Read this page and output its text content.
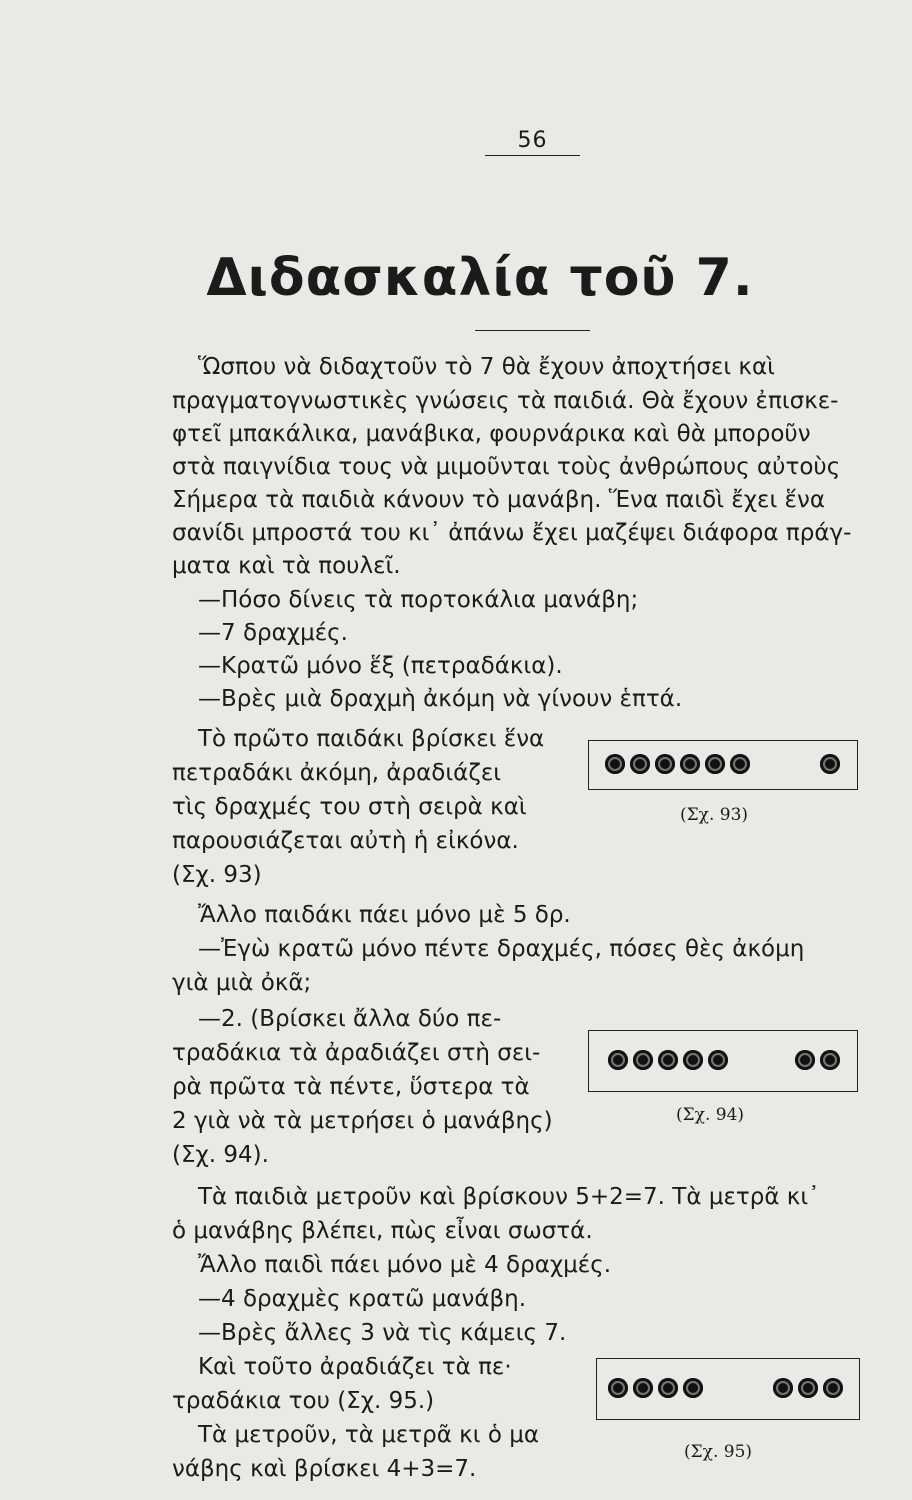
56
Διδασκαλία τοῦ 7.
Ὥσπου νὰ διδαχτοῦν τὸ 7 θὰ ἔχουν ἀποχτήσει καὶ
πραγματογνωστικὲς γνώσεις τὰ παιδιά. Θὰ ἔχουν ἐπισκε-
φτεῖ μπακάλικα, μανάβικα, φουρνάρικα καὶ θὰ μποροῦν
στὰ παιγνίδια τους νὰ μιμοῦνται τοὺς ἀνθρώπους αὐτοὺς
Σήμερα τὰ παιδιὰ κάνουν τὸ μανάβη. Ἕνα παιδὶ ἔχει ἕνα
σανίδι μπροστά του κι᾿ ἀπάνω ἔχει μαζέψει διάφορα πράγ-
ματα καὶ τὰ πουλεῖ.
—Πόσο δίνεις τὰ πορτοκάλια μανάβη;
—7 δραχμές.
—Κρατῶ μόνο ἕξ (πετραδάκια).
—Βρὲς μιὰ δραχμὴ ἀκόμη νὰ γίνουν ἑπτά.
Τὸ πρῶτο παιδάκι βρίσκει ἕνα
πετραδάκι ἀκόμη, ἀραδιάζει
τὶς δραχμές του στὴ σειρὰ καὶ
παρουσιάζεται αὐτὴ ἡ εἰκόνα.
(Σχ. 93)
(Σχ. 93)
Ἄλλο παιδάκι πάει μόνο μὲ 5 δρ.
—Ἐγὼ κρατῶ μόνο πέντε δραχμές, πόσες θὲς ἀκόμη
γιὰ μιὰ ὀκᾶ;
—2. (Βρίσκει ἄλλα δύο πε-
τραδάκια τὰ ἀραδιάζει στὴ σει-
ρὰ πρῶτα τὰ πέντε, ὕστερα τὰ
2 γιὰ νὰ τὰ μετρήσει ὁ μανάβης)
(Σχ. 94).
(Σχ. 94)
Τὰ παιδιὰ μετροῦν καὶ βρίσκουν 5+2=7. Τὰ μετρᾶ κι᾿
ὁ μανάβης βλέπει, πὼς εἶναι σωστά.
Ἄλλο παιδὶ πάει μόνο μὲ 4 δραχμές.
—4 δραχμὲς κρατῶ μανάβη.
—Βρὲς ἄλλες 3 νὰ τὶς κάμεις 7.
Καὶ τοῦτο ἀραδιάζει τὰ πε·
τραδάκια του (Σχ. 95.)
Τὰ μετροῦν, τὰ μετρᾶ κι ὁ μα
νάβης καὶ βρίσκει 4+3=7.
(Σχ. 95)
